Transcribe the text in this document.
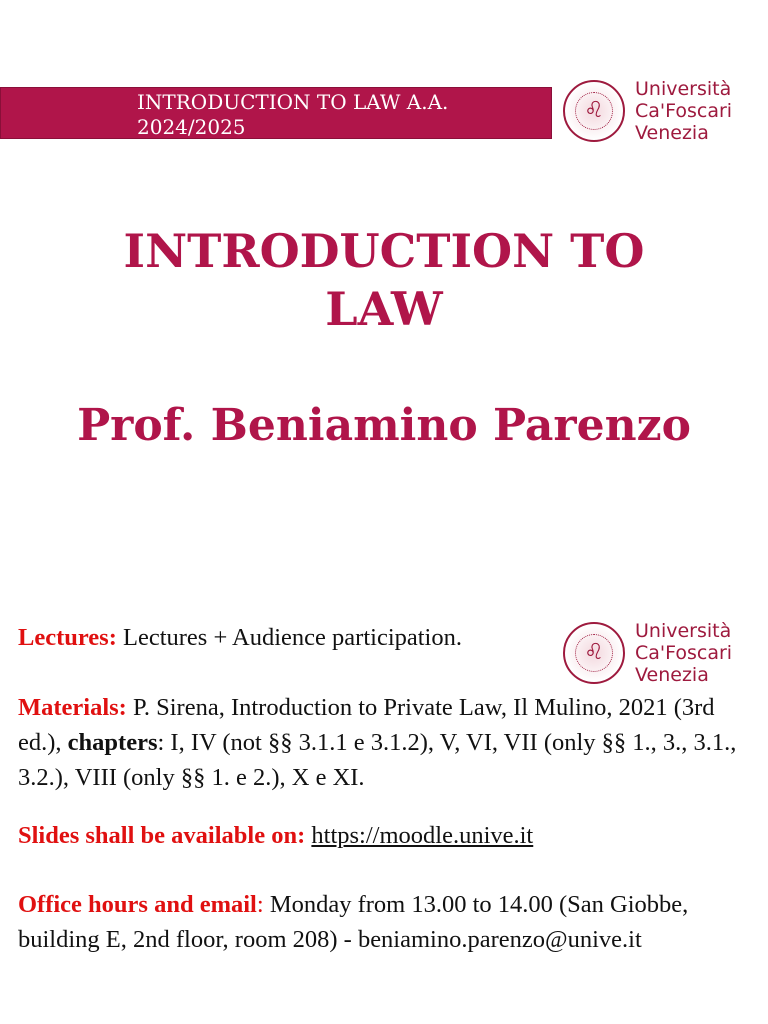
INTRODUCTION TO LAW A.A.
2024/2025
♌
Università
Ca'Foscari
Venezia
INTRODUCTION TO
LAW
Prof. Beniamino Parenzo
♌
Università
Ca'Foscari
Venezia
Lectures: Lectures + Audience participation.
Materials: P. Sirena, Introduction to Private Law, Il Mulino, 2021 (3rd ed.), chapters: I, IV (not §§ 3.1.1 e 3.1.2), V, VI, VII (only §§ 1., 3., 3.1., 3.2.), VIII (only §§ 1. e 2.), X e XI.
Slides shall be available on: https://moodle.unive.it
Office hours and email: Monday from 13.00 to 14.00 (San Giobbe, building E, 2nd floor, room 208) - beniamino.parenzo@unive.it
